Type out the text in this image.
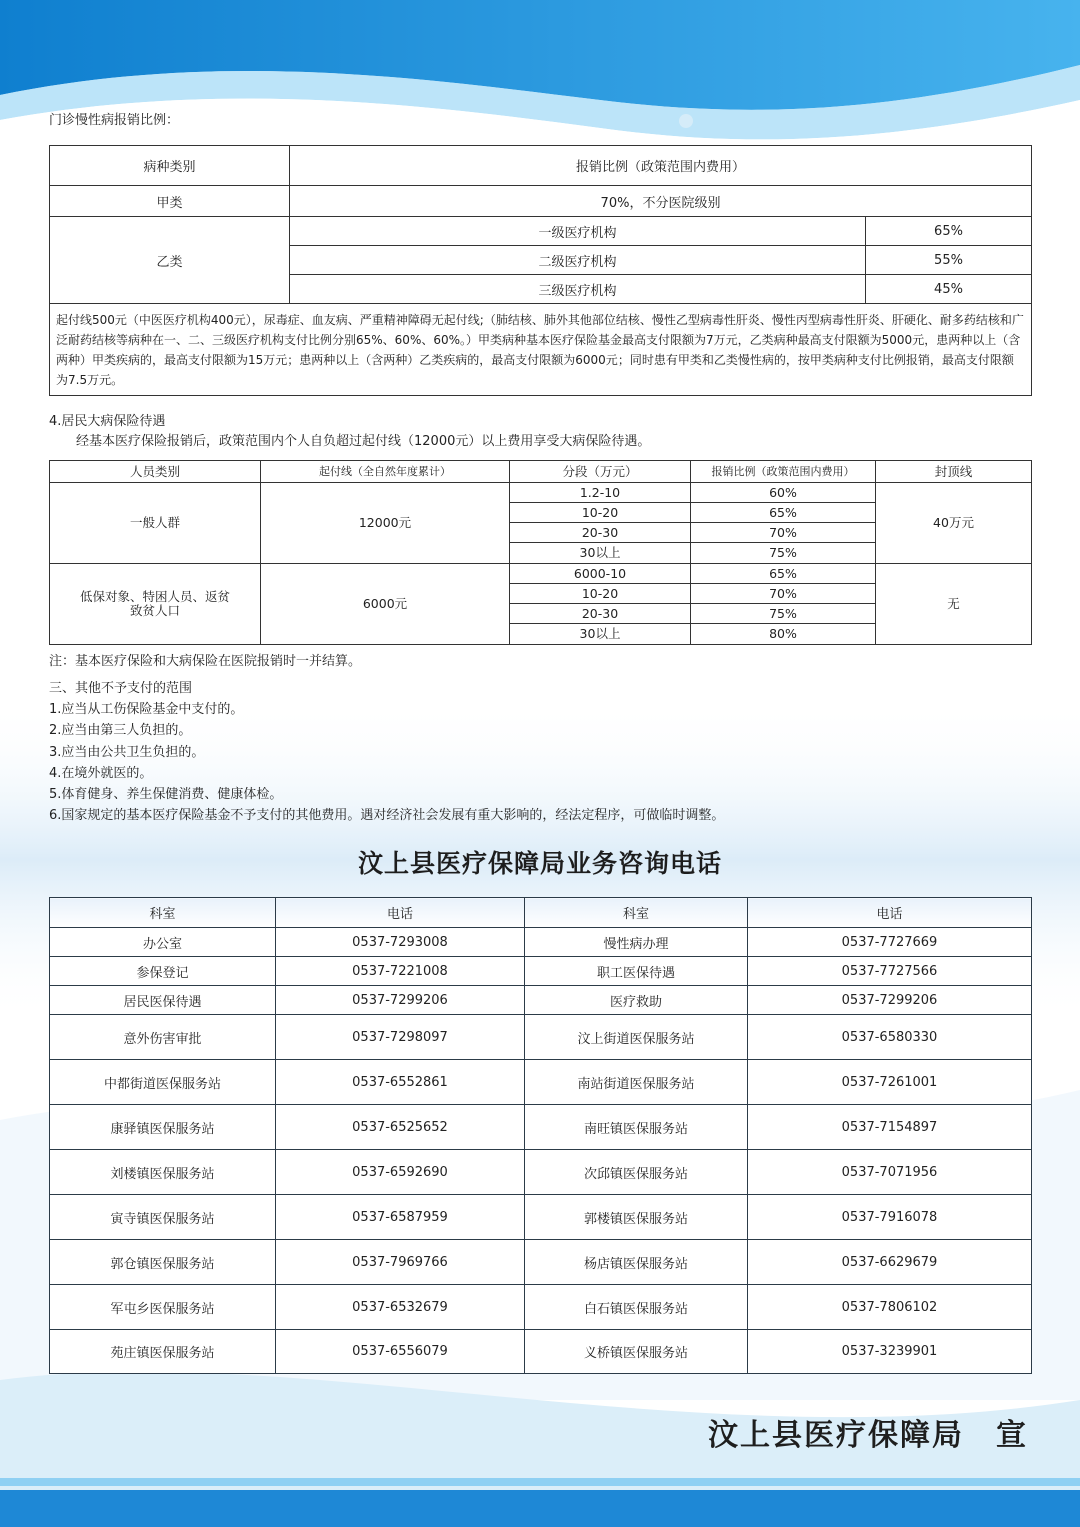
门诊慢性病报销比例：
病种类别	报销比例（政策范围内费用）	
甲类	70%，不分医院级别	
乙类	一级医疗机构	65%
	二级医疗机构	55%
	三级医疗机构	45%
起付线500元（中医医疗机构400元），尿毒症、血友病、严重精神障碍无起付线;（肺结核、肺外其他部位结核、慢性乙型病毒性肝炎、慢性丙型病毒性肝炎、肝硬化、耐多药结核和广泛耐药结核等病种在一、二、三级医疗机构支付比例分别65%、60%、60%。）甲类病种基本医疗保险基金最高支付限额为7万元，乙类病种最高支付限额为5000元，患两种以上（含两种）甲类疾病的，最高支付限额为15万元；患两种以上（含两种）乙类疾病的，最高支付限额为6000元；同时患有甲类和乙类慢性病的，按甲类病种支付比例报销，最高支付限额为7.5万元。		
4.居民大病保险待遇
经基本医疗保险报销后，政策范围内个人自负超过起付线（12000元）以上费用享受大病保险待遇。
人员类别	起付线（全自然年度累计）	分段（万元）	报销比例（政策范围内费用）	封顶线
一般人群	12000元	1.2-10	60%	40万元
		10-20	65%	
		20-30	70%	
		30以上	75%	
低保对象、特困人员、返贫致贫人口	6000元	6000-10	65%	无
		10-20	70%	
		20-30	75%	
		30以上	80%	
注：基本医疗保险和大病保险在医院报销时一并结算。
三、其他不予支付的范围
1.应当从工伤保险基金中支付的。
2.应当由第三人负担的。
3.应当由公共卫生负担的。
4.在境外就医的。
5.体育健身、养生保健消费、健康体检。
6.国家规定的基本医疗保险基金不予支付的其他费用。遇对经济社会发展有重大影响的，经法定程序，可做临时调整。
汶上县医疗保障局业务咨询电话
科室	电话	科室	电话
办公室	0537-7293008	慢性病办理	0537-7727669
参保登记	0537-7221008	职工医保待遇	0537-7727566
居民医保待遇	0537-7299206	医疗救助	0537-7299206
意外伤害审批	0537-7298097	汶上街道医保服务站	0537-6580330
中都街道医保服务站	0537-6552861	南站街道医保服务站	0537-7261001
康驿镇医保服务站	0537-6525652	南旺镇医保服务站	0537-7154897
刘楼镇医保服务站	0537-6592690	次邱镇医保服务站	0537-7071956
寅寺镇医保服务站	0537-6587959	郭楼镇医保服务站	0537-7916078
郭仓镇医保服务站	0537-7969766	杨店镇医保服务站	0537-6629679
军屯乡医保服务站	0537-6532679	白石镇医保服务站	0537-7806102
苑庄镇医保服务站	0537-6556079	义桥镇医保服务站	0537-3239901
汶上县医疗保障局　宣
